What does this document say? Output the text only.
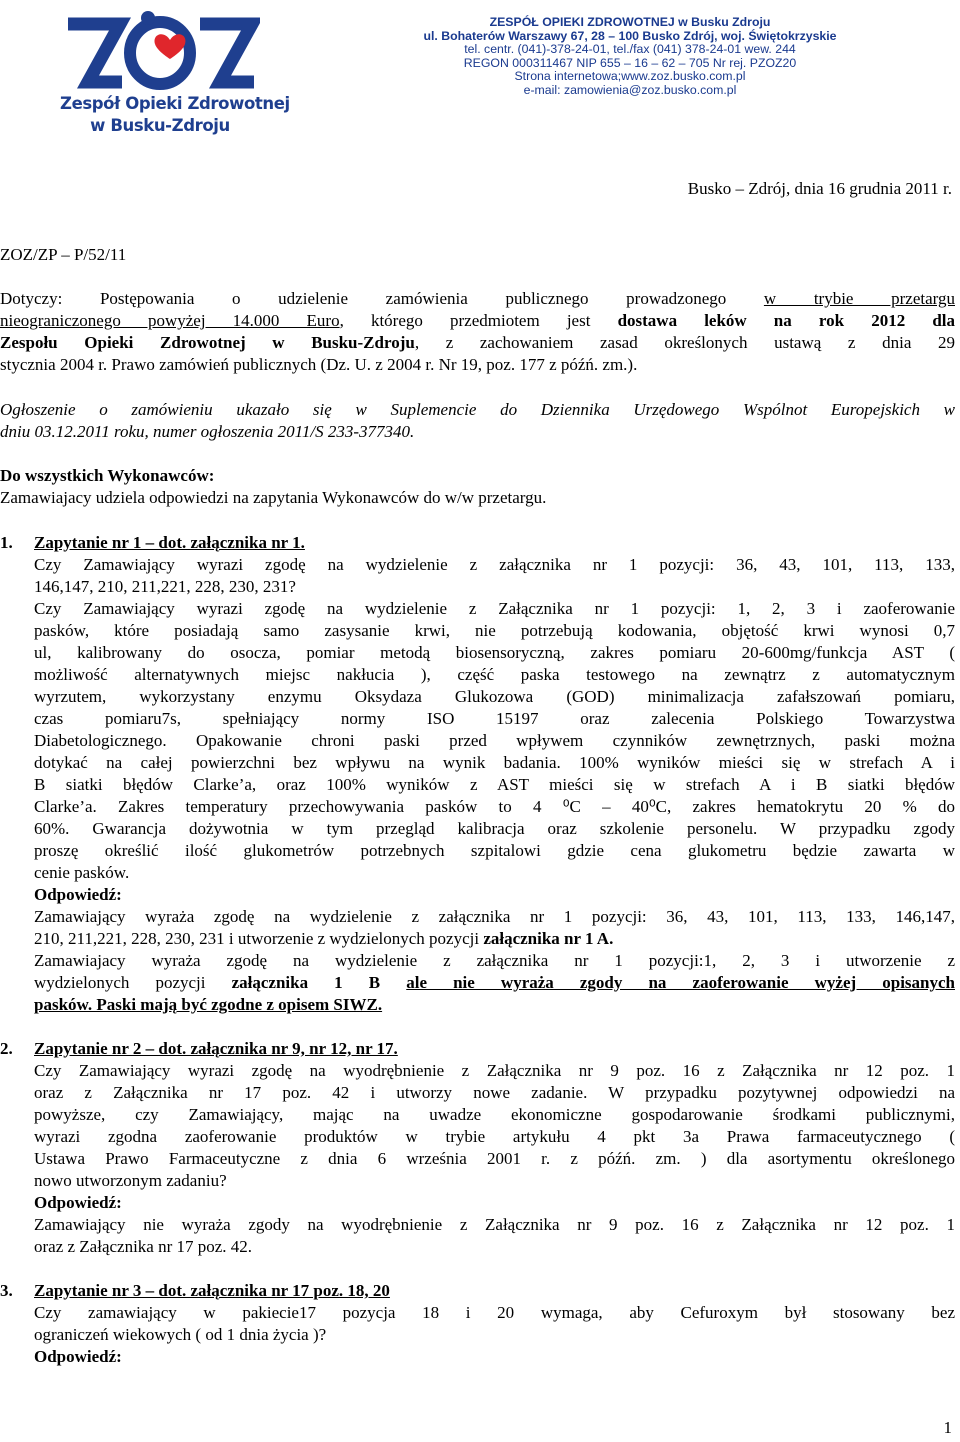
Zespół Opieki Zdrowotnej
w Busku-Zdroju
ZESPÓŁ OPIEKI ZDROWOTNEJ w Busku Zdroju
ul. Bohaterów Warszawy 67, 28 – 100 Busko Zdrój, woj. Świętokrzyskie
tel. centr. (041)-378-24-01, tel./fax (041) 378-24-01 wew. 244
REGON 000311467 NIP 655 – 16 – 62 – 705 Nr rej. PZOZ20
Strona internetowa;www.zoz.busko.com.pl
e-mail: zamowienia@zoz.busko.com.pl
Busko – Zdrój, dnia 16 grudnia 2011 r.
ZOZ/ZP – P/52/11
Dotyczy: Postępowania o udzielenie zamówienia publicznego prowadzonego w trybie przetargu
nieograniczonego powyżej 14.000 Euro, którego przedmiotem jest dostawa leków na rok 2012 dla
Zespołu Opieki Zdrowotnej w Busku-Zdroju, z zachowaniem zasad określonych ustawą z dnia 29
stycznia 2004 r. Prawo zamówień publicznych (Dz. U. z 2004 r. Nr 19, poz. 177 z późń. zm.).
Ogłoszenie o zamówieniu ukazało się w Suplemencie do Dziennika Urzędowego Wspólnot Europejskich w
dniu 03.12.2011 roku, numer ogłoszenia 2011/S 233-377340.
Do wszystkich Wykonawców:
Zamawiajacy udziela odpowiedzi na zapytania Wykonawców do w/w przetargu.
1. Zapytanie nr 1 – dot. załącznika nr 1.
Czy Zamawiający wyrazi zgodę na wydzielenie z załącznika nr 1 pozycji: 36, 43, 101, 113, 133,
146,147, 210, 211,221, 228, 230, 231?
Czy Zamawiający wyrazi zgodę na wydzielenie z Załącznika nr 1 pozycji: 1, 2, 3 i zaoferowanie
pasków, które posiadają samo zasysanie krwi, nie potrzebują kodowania, objętość krwi wynosi 0,7
ul, kalibrowany do osocza, pomiar metodą biosensoryczną, zakres pomiaru 20-600mg/funkcja AST (
możliwość alternatywnych miejsc nakłucia ), część paska testowego na zewnątrz z automatycznym
wyrzutem, wykorzystany enzymu Oksydaza Glukozowa (GOD) minimalizacja zafałszowań pomiaru,
czas pomiaru7s, spełniający normy ISO 15197 oraz zalecenia Polskiego Towarzystwa
Diabetologicznego. Opakowanie chroni paski przed wpływem czynników zewnętrznych, paski można
dotykać na całej powierzchni bez wpływu na wynik badania. 100% wyników mieści się w strefach A i
B siatki błędów Clarke’a, oraz 100% wyników z AST mieści się w strefach A i B siatki błędów
Clarke’a. Zakres temperatury przechowywania pasków to 4 ⁰C – 40⁰C, zakres hematokrytu 20 % do
60%. Gwarancja dożywotnia w tym przegląd kalibracja oraz szkolenie personelu. W przypadku zgody
proszę określić ilość glukometrów potrzebnych szpitalowi gdzie cena glukometru będzie zawarta w
cenie pasków.
Odpowiedź:
Zamawiający wyraża zgodę na wydzielenie z załącznika nr 1 pozycji: 36, 43, 101, 113, 133, 146,147,
210, 211,221, 228, 230, 231 i utworzenie z wydzielonych pozycji załącznika nr 1 A.
Zamawiajacy wyraża zgodę na wydzielenie z załącznika nr 1 pozycji:1, 2, 3 i utworzenie z
wydzielonych pozycji załącznika 1 B ale nie wyraża zgody na zaoferowanie wyżej opisanych
pasków. Paski mają być zgodne z opisem SIWZ.
2. Zapytanie nr 2 – dot. załącznika nr 9, nr 12, nr 17.
Czy Zamawiający wyrazi zgodę na wyodrębnienie z Załącznika nr 9 poz. 16 z Załącznika nr 12 poz. 1
oraz z Załącznika nr 17 poz. 42 i utworzy nowe zadanie. W przypadku pozytywnej odpowiedzi na
powyższe, czy Zamawiający, mając na uwadze ekonomiczne gospodarowanie środkami publicznymi,
wyrazi zgodna zaoferowanie produktów w trybie artykułu 4 pkt 3a Prawa farmaceutycznego (
Ustawa Prawo Farmaceutyczne z dnia 6 września 2001 r. z późń. zm. ) dla asortymentu określonego
nowo utworzonym zadaniu?
Odpowiedź:
Zamawiający nie wyraża zgody na wyodrębnienie z Załącznika nr 9 poz. 16 z Załącznika nr 12 poz. 1
oraz z Załącznika nr 17 poz. 42.
3. Zapytanie nr 3 – dot. załącznika nr 17 poz. 18, 20
Czy zamawiający w pakiecie17 pozycja 18 i 20 wymaga, aby Cefuroxym był stosowany bez
ograniczeń wiekowych ( od 1 dnia życia )?
Odpowiedź:
1
